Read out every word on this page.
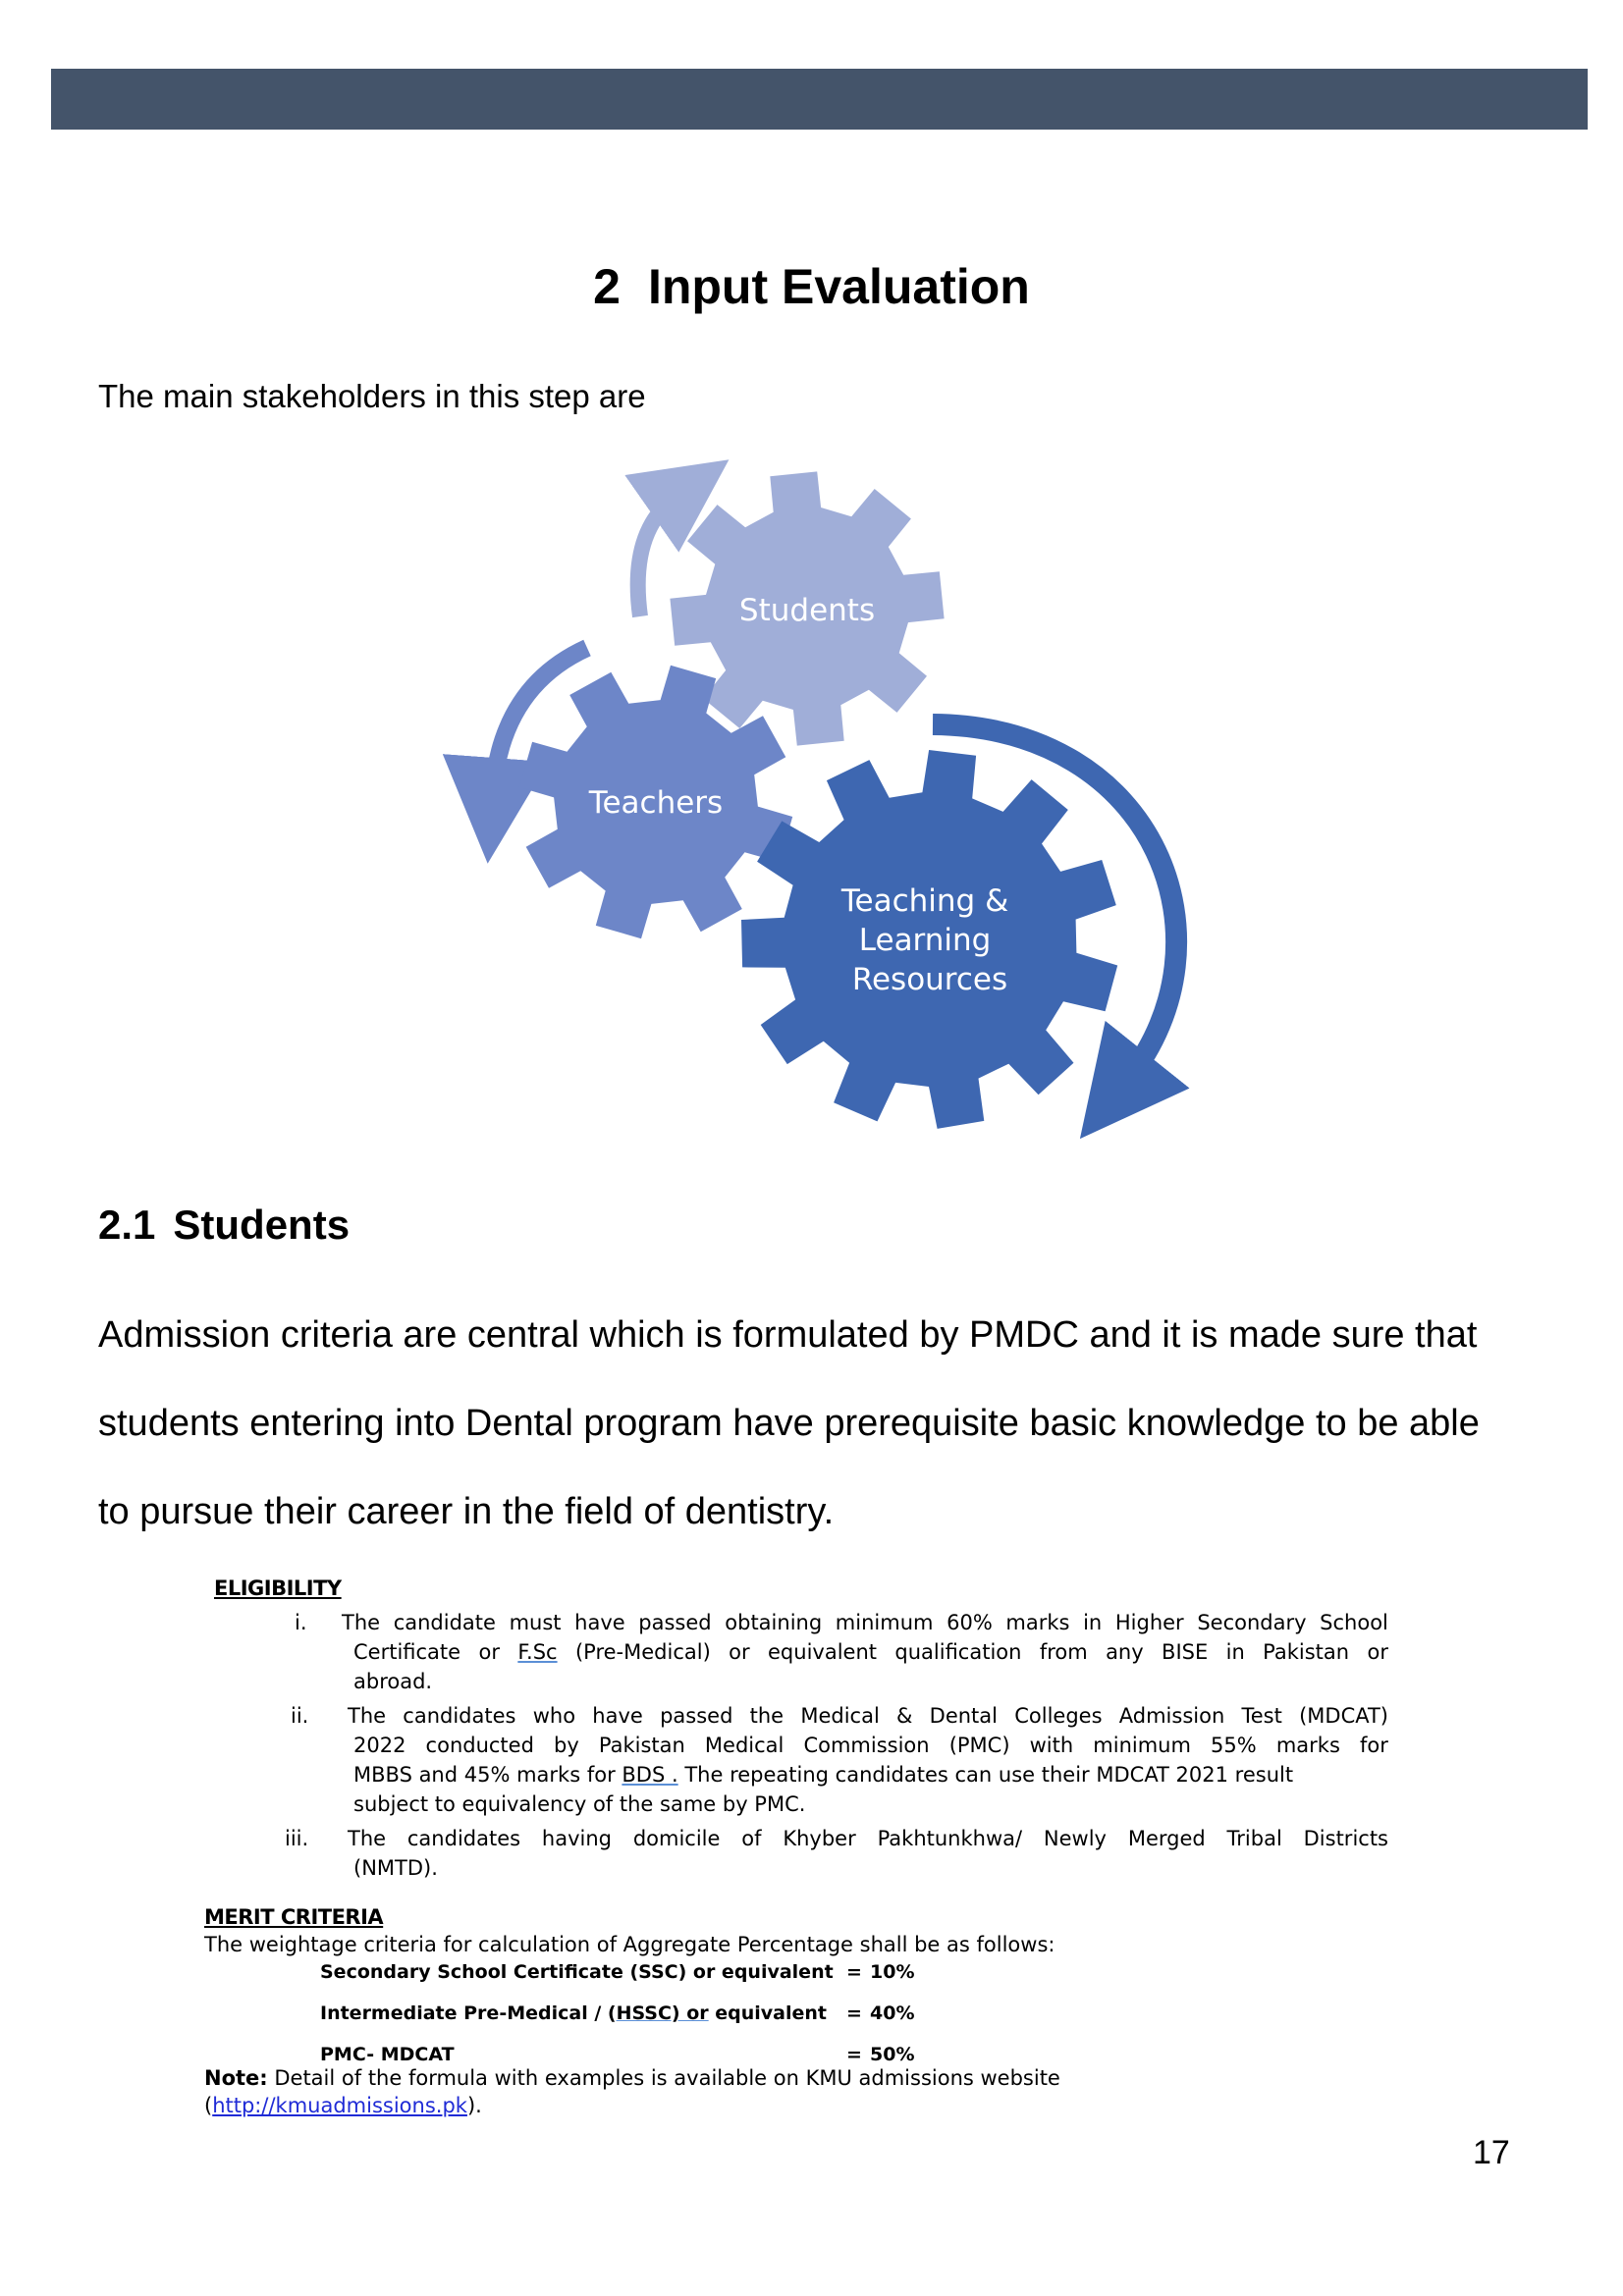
2 Input Evaluation
The main stakeholders in this step are
Students
Teachers
Teaching & Learning Resources
2.1 Students
Admission criteria are central which is formulated by PMDC and it is made sure that
students entering into Dental program have prerequisite basic knowledge to be able
to pursue their career in the field of dentistry.
ELIGIBILITY
i. The candidate must have passed obtaining minimum 60% marks in Higher Secondary School
Certificate or F.Sc (Pre-Medical) or equivalent qualification from any BISE in Pakistan or
abroad.
ii. The candidates who have passed the Medical & Dental Colleges Admission Test (MDCAT)
2022 conducted by Pakistan Medical Commission (PMC) with minimum 55% marks for
MBBS and 45% marks for BDS . The repeating candidates can use their MDCAT 2021 result
subject to equivalency of the same by PMC.
iii. The candidates having domicile of Khyber Pakhtunkhwa/ Newly Merged Tribal Districts
(NMTD).
MERIT CRITERIA
The weightage criteria for calculation of Aggregate Percentage shall be as follows:
Secondary School Certificate (SSC) or equivalent = 10%
Intermediate Pre-Medical / (HSSC) or equivalent = 40%
PMC- MDCAT	= 50%
Note: Detail of the formula with examples is available on KMU admissions website
(http://kmuadmissions.pk).
17
